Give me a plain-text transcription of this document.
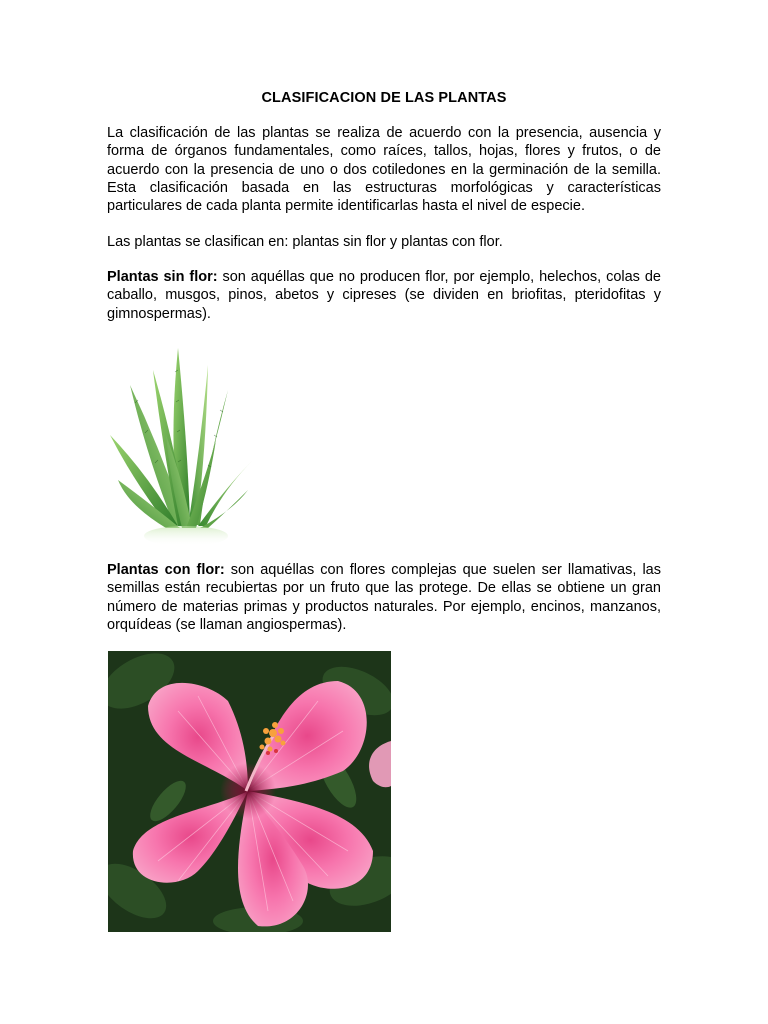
CLASIFICACION DE LAS PLANTAS
La clasificación de las plantas se realiza de acuerdo con la presencia, ausencia y forma de órganos fundamentales, como raíces, tallos, hojas, flores y frutos, o de acuerdo con la presencia de uno o dos cotiledones en la germinación de la semilla. Esta clasificación basada en las estructuras morfológicas y características particulares de cada planta permite identificarlas hasta el nivel de especie.
Las plantas se clasifican en: plantas sin flor y plantas con flor.
Plantas sin flor: son aquéllas que no producen flor, por ejemplo, helechos, colas de caballo, musgos, pinos, abetos y cipreses (se dividen en briofitas, pteridofitas y gimnospermas).
Plantas con flor: son aquéllas con flores complejas que suelen ser llamativas, las semillas están recubiertas por un fruto que las protege. De ellas se obtiene un gran número de materias primas y productos naturales. Por ejemplo, encinos, manzanos, orquídeas (se llaman angiospermas).
